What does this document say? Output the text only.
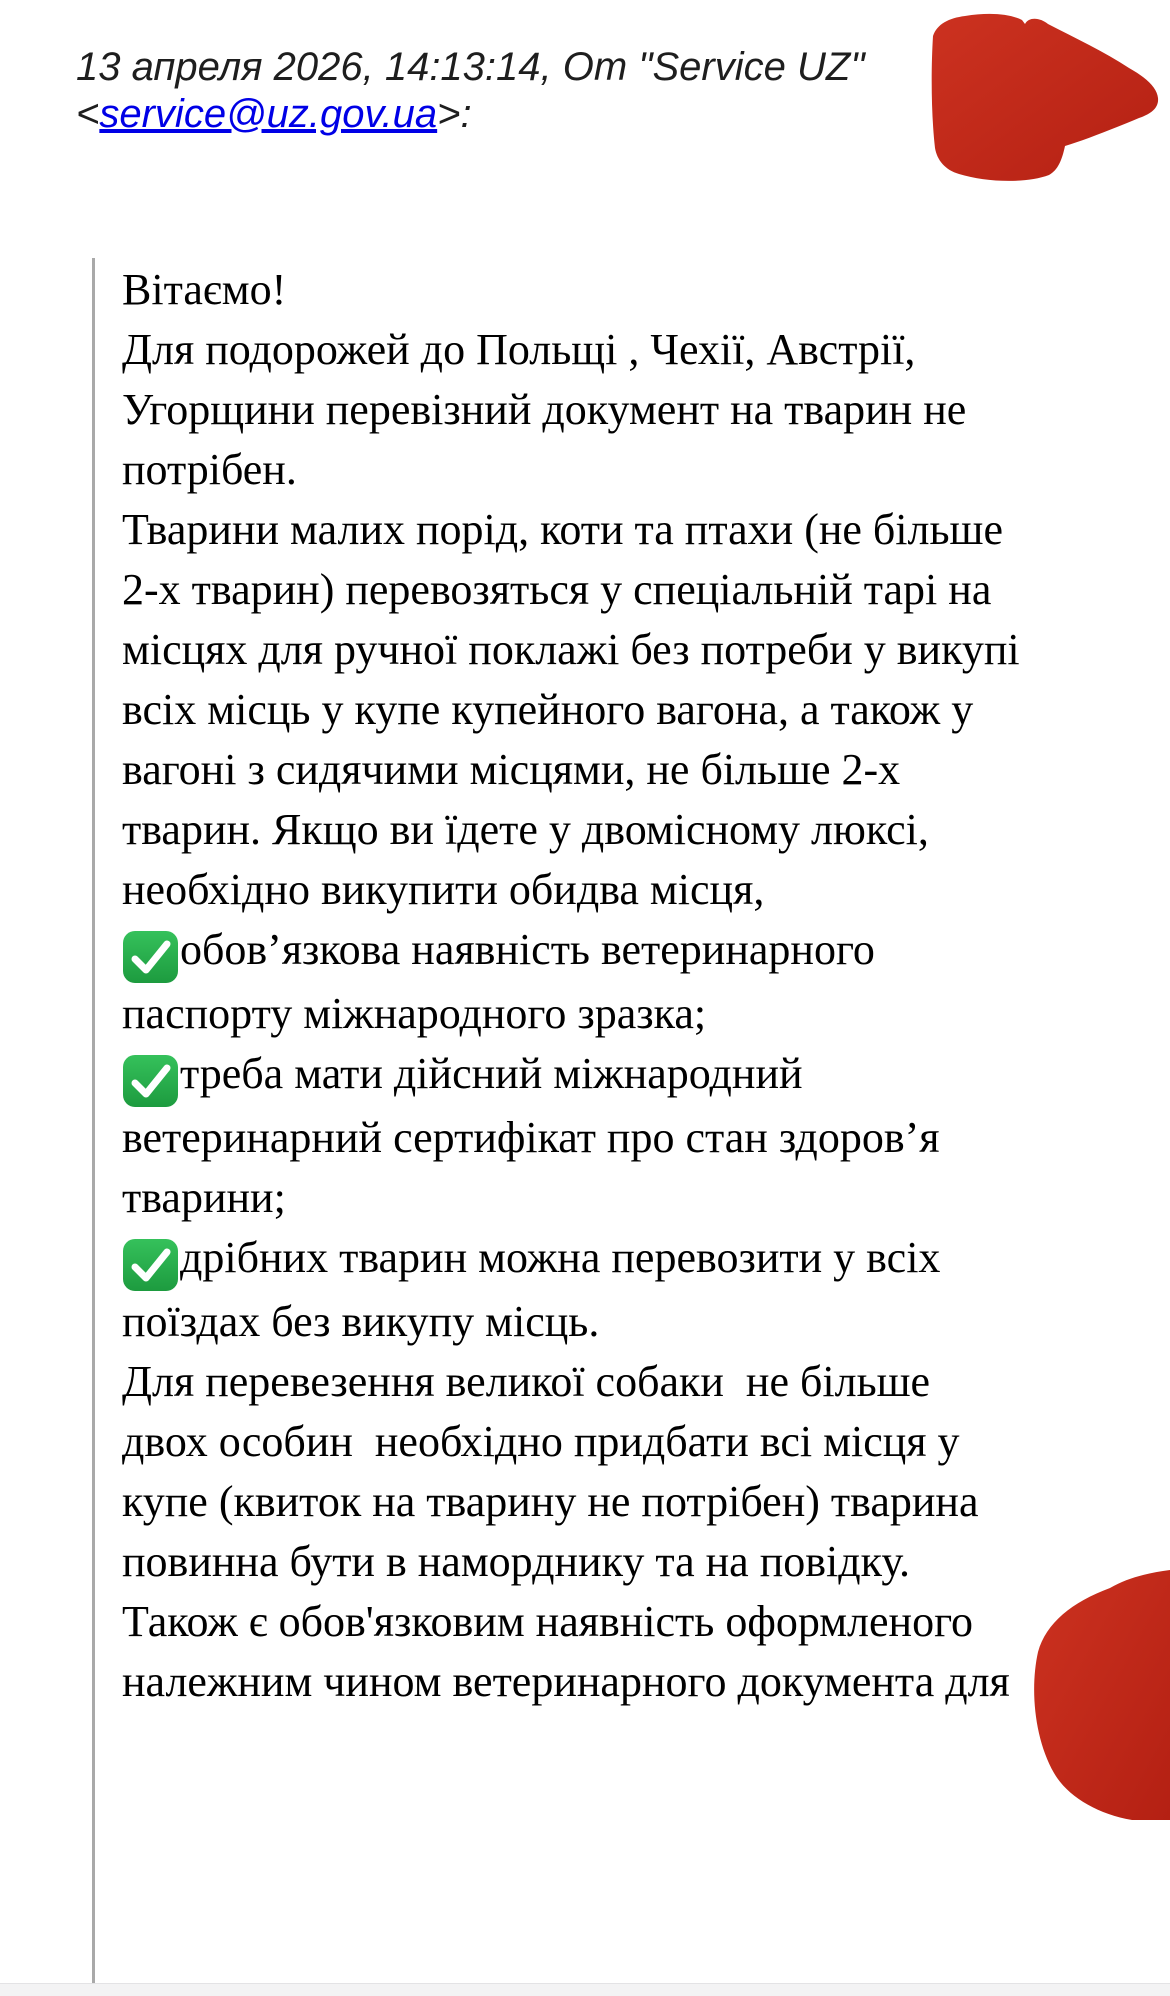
13 апреля 2026, 14:13:14, От "Service UZ"
<service@uz.gov.ua>:

Вітаємо!

Для подорожей до Польщі , Чехії, Австрії,
Угорщини перевізний документ на тварин не
потрібен.

Тварини малих порід, коти та птахи (не більше
2-х тварин) перевозяться у спеціальній тарі на
місцях для ручної поклажі без потреби у викупі
всіх місць у купе купейного вагона, а також у
вагоні з сидячими місцями, не більше 2-х
тварин. Якщо ви їдете у двомісному люксі,
необхідно викупити обидва місця,

обов’язкова наявність ветеринарного
паспорту міжнародного зразка;

треба мати дійсний міжнародний
ветеринарний сертифікат про стан здоров’я
тварини;

дрібних тварин можна перевозити у всіх
поїздах без викупу місць.

Для перевезення великої собаки  не більше
двох особин  необхідно придбати всі місця у
купе (квиток на тварину не потрібен) тварина
повинна бути в наморднику та на повідку.
Також є обов'язковим наявність оформленого
належним чином ветеринарного документа для
